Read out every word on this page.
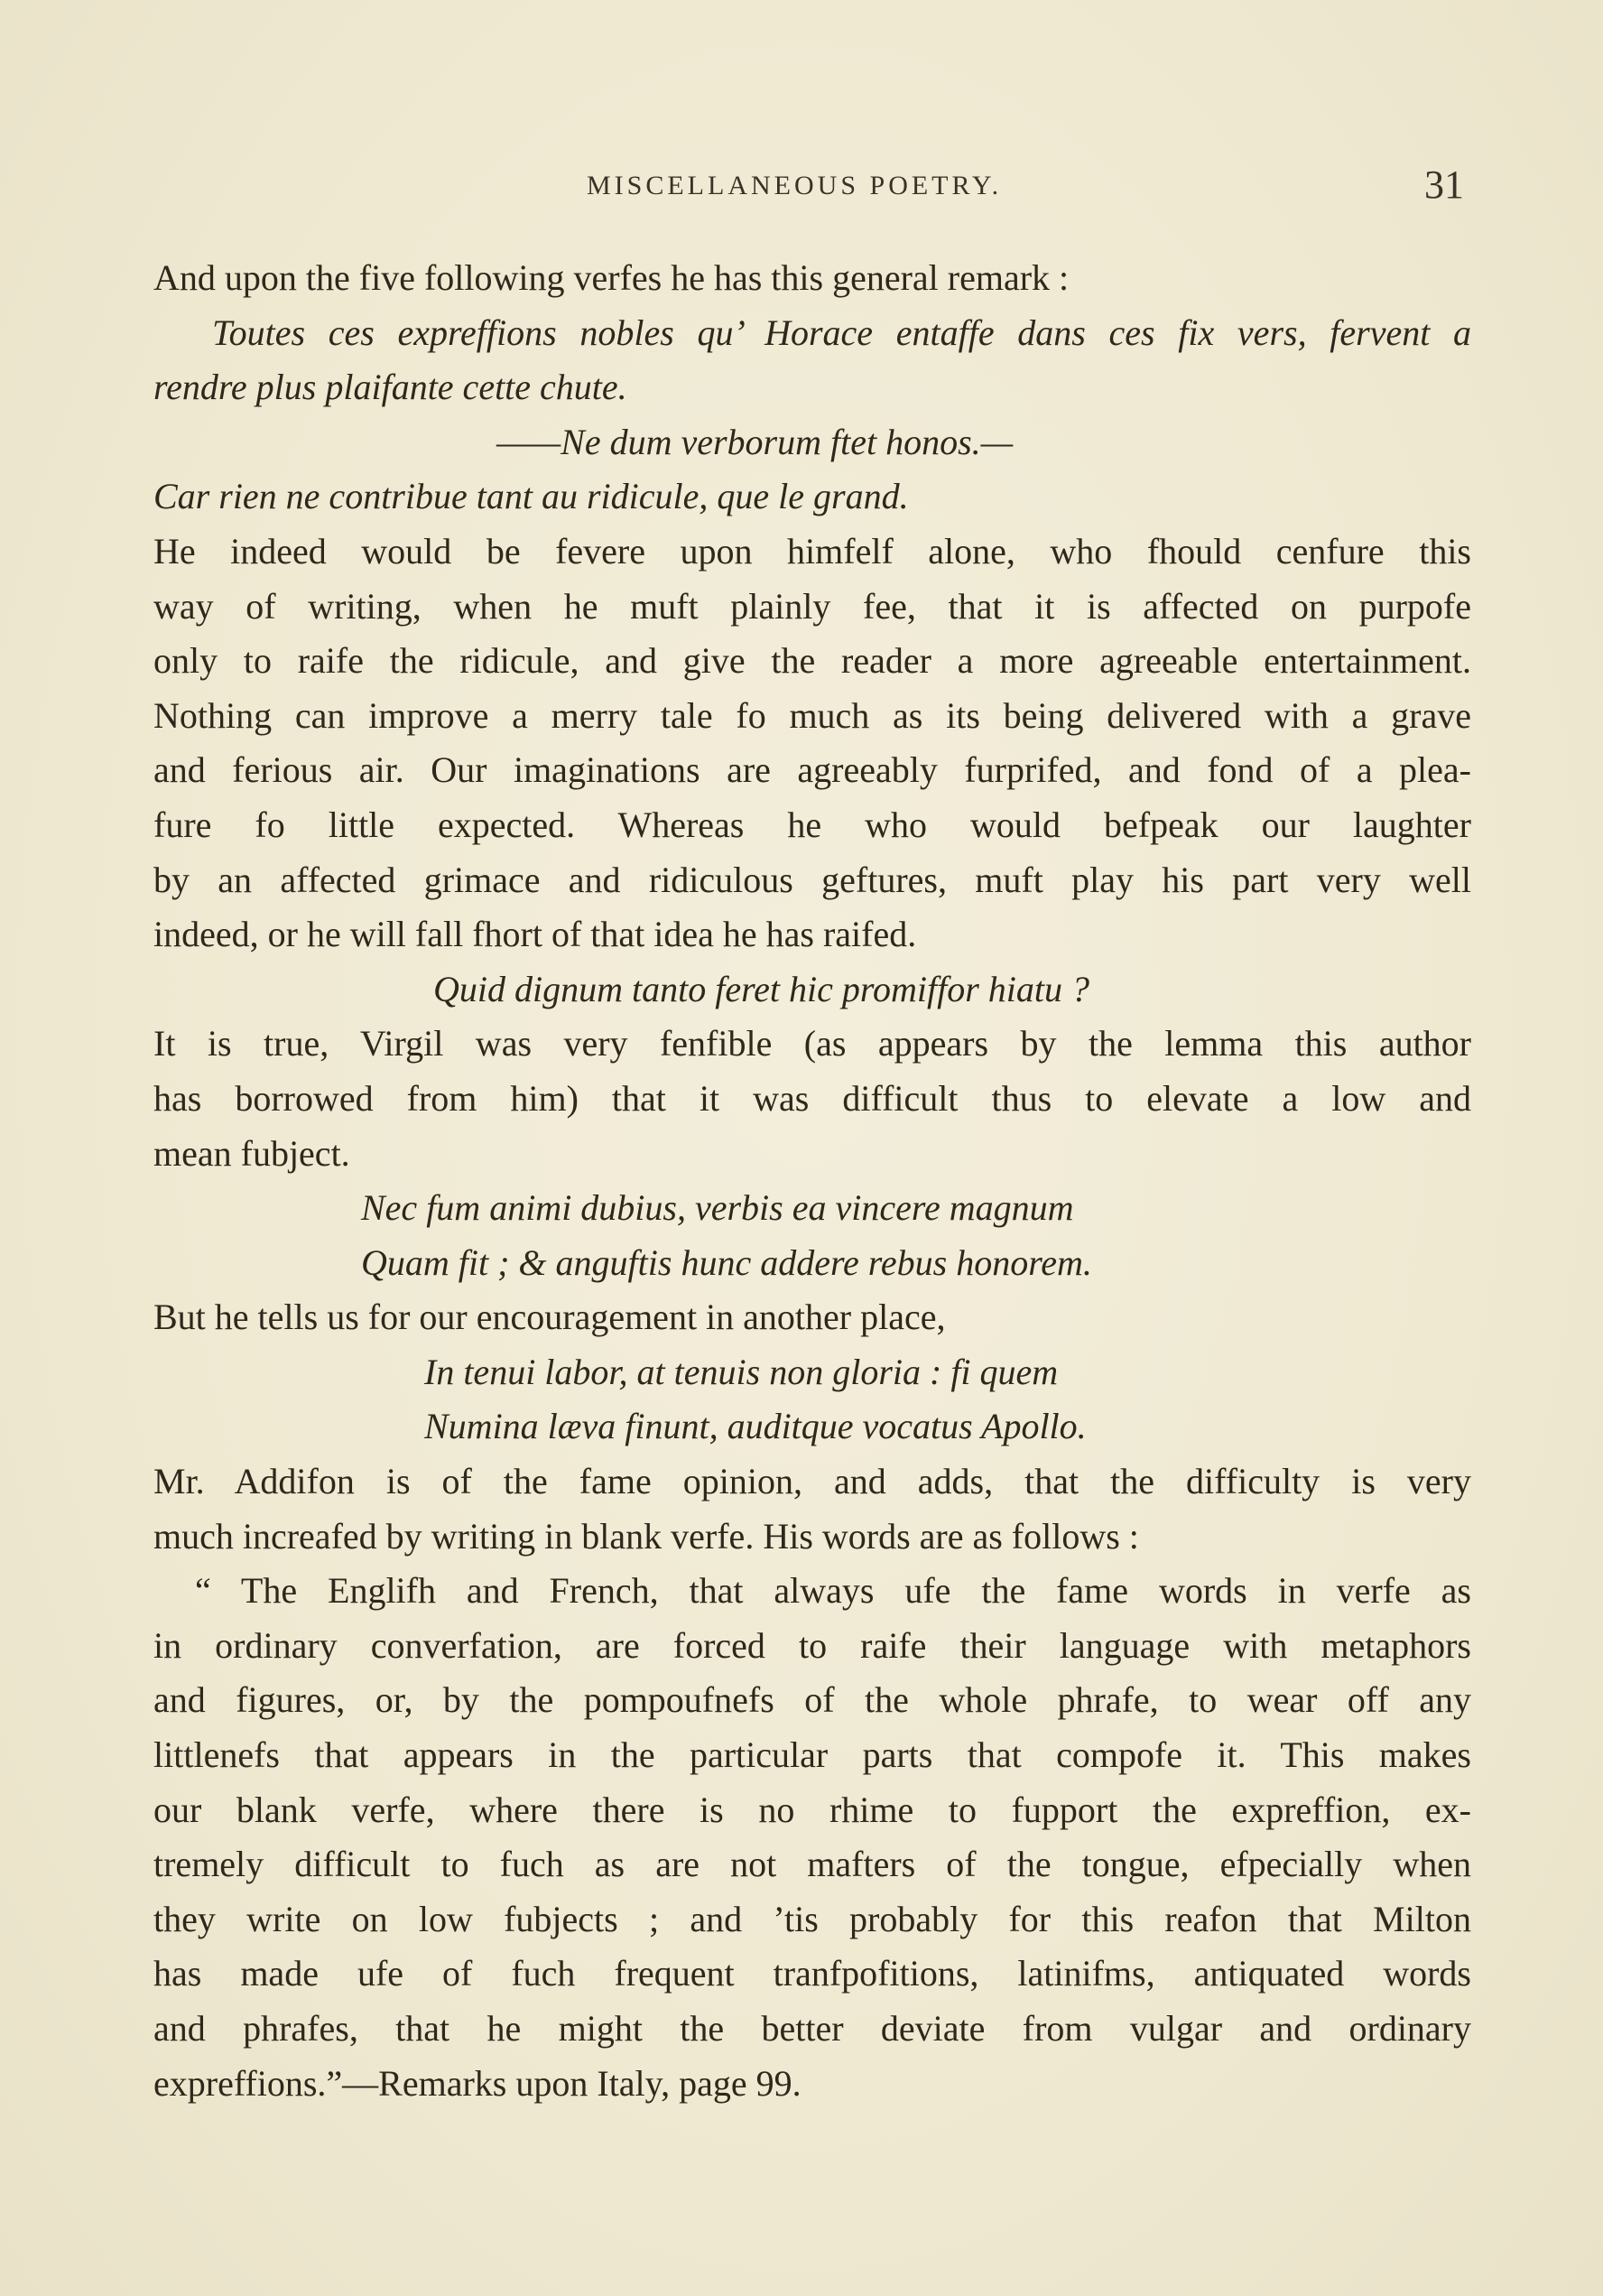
MISCELLANEOUS POETRY.	31
And upon the five following verfes he has this general remark :
Toutes ces expreffions nobles qu’ Horace entaffe dans ces fix vers, fervent a
rendre plus plaifante cette chute.
——Ne dum verborum ftet honos.—
Car rien ne contribue tant au ridicule, que le grand.
He indeed would be fevere upon himfelf alone, who fhould cenfure this
way of writing, when he muft plainly fee, that it is affected on purpofe
only to raife the ridicule, and give the reader a more agreeable entertainment.
Nothing can improve a merry tale fo much as its being delivered with a grave
and ferious air. Our imaginations are agreeably furprifed, and fond of a plea-
fure fo little expected. Whereas he who would befpeak our laughter
by an affected grimace and ridiculous geftures, muft play his part very well
indeed, or he will fall fhort of that idea he has raifed.
Quid dignum tanto feret hic promiffor hiatu ?
It is true, Virgil was very fenfible (as appears by the lemma this author
has borrowed from him) that it was difficult thus to elevate a low and
mean fubject.
Nec fum animi dubius, verbis ea vincere magnum
Quam fit ; & anguftis hunc addere rebus honorem.
But he tells us for our encouragement in another place,
In tenui labor, at tenuis non gloria : fi quem
Numina læva finunt, auditque vocatus Apollo.
Mr. Addifon is of the fame opinion, and adds, that the difficulty is very
much increafed by writing in blank verfe. His words are as follows :
“ The Englifh and French, that always ufe the fame words in verfe as
in ordinary converfation, are forced to raife their language with metaphors
and figures, or, by the pompoufnefs of the whole phrafe, to wear off any
littlenefs that appears in the particular parts that compofe it. This makes
our blank verfe, where there is no rhime to fupport the expreffion, ex-
tremely difficult to fuch as are not mafters of the tongue, efpecially when
they write on low fubjects ; and ’tis probably for this reafon that Milton
has made ufe of fuch frequent tranfpofitions, latinifms, antiquated words
and phrafes, that he might the better deviate from vulgar and ordinary
expreffions.”—Remarks upon Italy, page 99.
